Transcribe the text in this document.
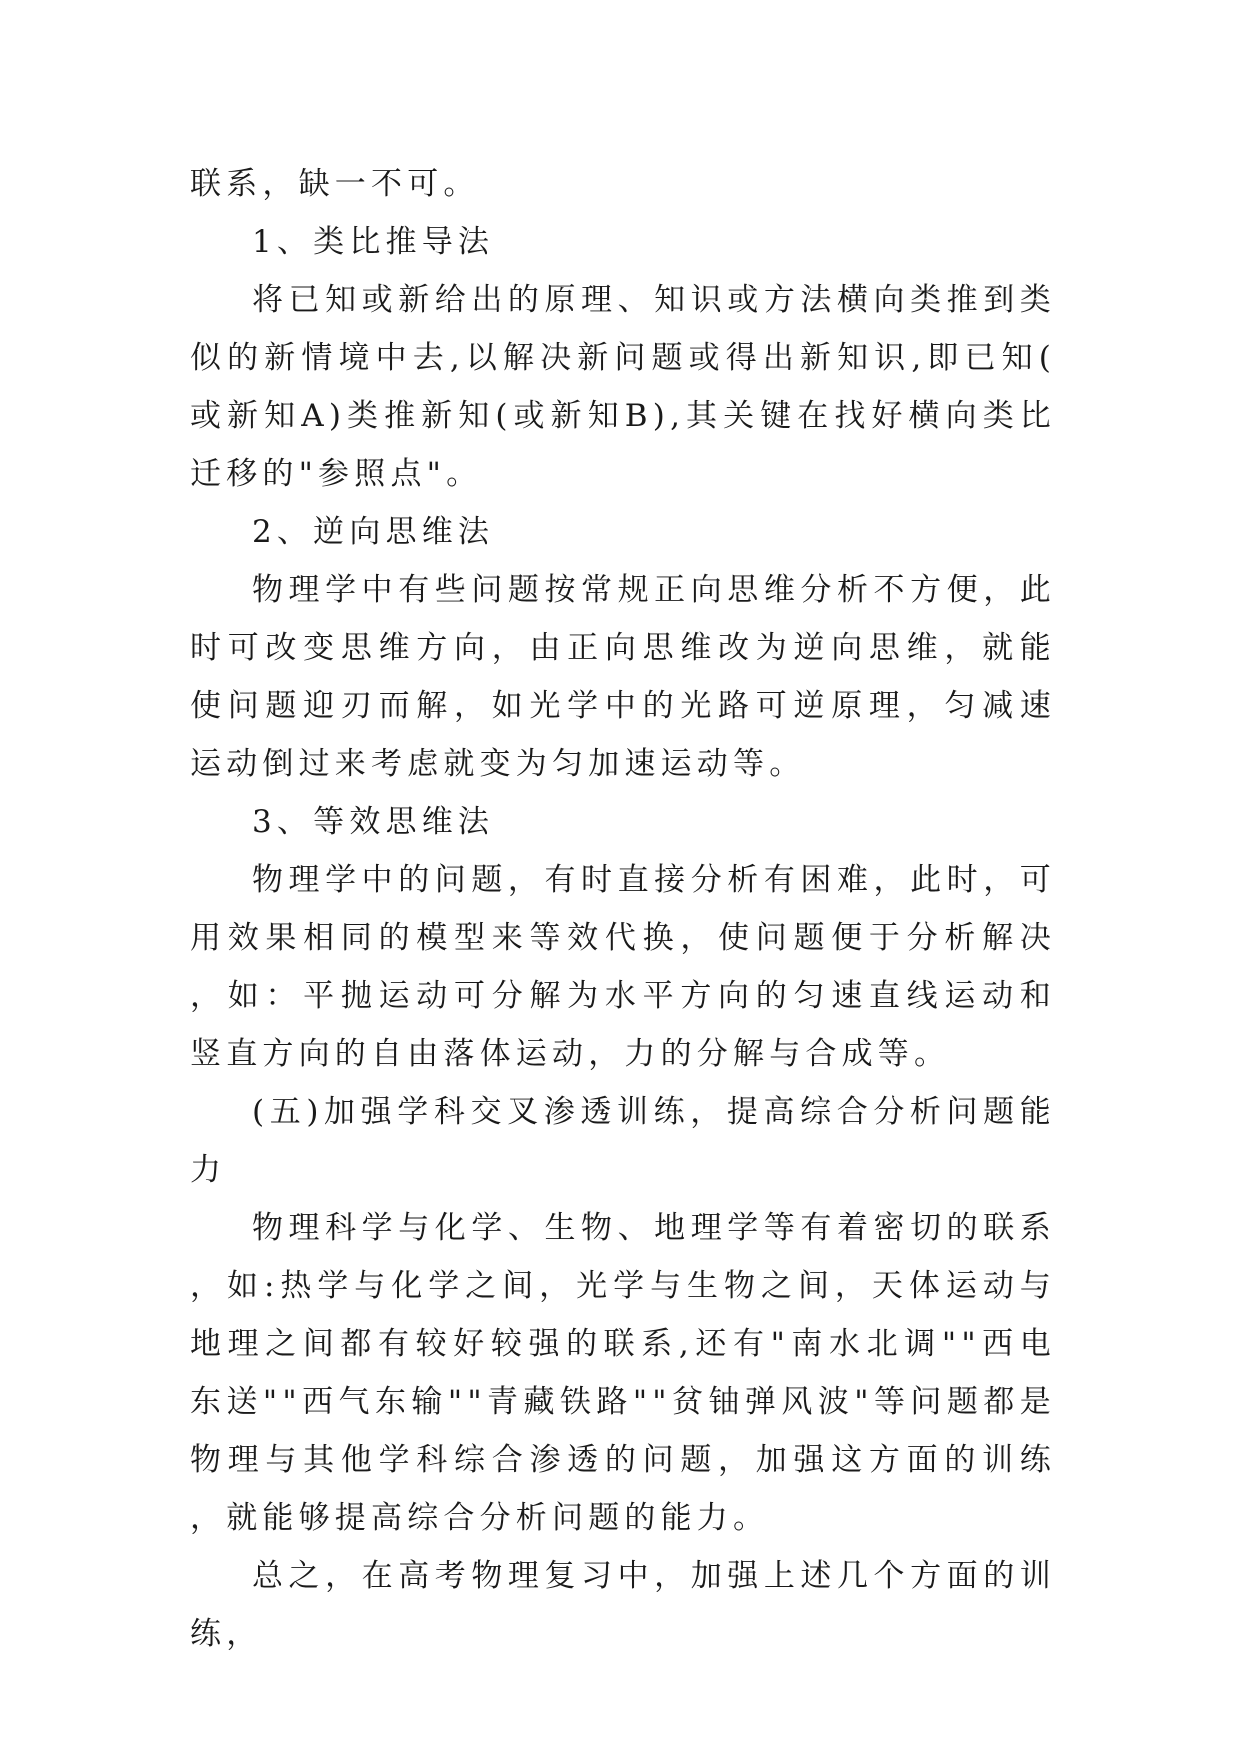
联系，缺一不可。

1、类比推导法

将已知或新给出的原理、知识或方法横向类推到类似的新情境中去,以解决新问题或得出新知识,即已知(或新知A)类推新知(或新知B),其关键在找好横向类比迁移的"参照点"。

2、逆向思维法

物理学中有些问题按常规正向思维分析不方便，此时可改变思维方向，由正向思维改为逆向思维，就能使问题迎刃而解，如光学中的光路可逆原理，匀减速运动倒过来考虑就变为匀加速运动等。

3、等效思维法

物理学中的问题，有时直接分析有困难，此时，可用效果相同的模型来等效代换，使问题便于分析解决，如：平抛运动可分解为水平方向的匀速直线运动和竖直方向的自由落体运动，力的分解与合成等。

(五)加强学科交叉渗透训练，提高综合分析问题能力

物理科学与化学、生物、地理学等有着密切的联系，如:热学与化学之间，光学与生物之间，天体运动与地理之间都有较好较强的联系,还有"南水北调""西电东送""西气东输""青藏铁路""贫铀弹风波"等问题都是物理与其他学科综合渗透的问题，加强这方面的训练，就能够提高综合分析问题的能力。

总之，在高考物理复习中，加强上述几个方面的训练，
